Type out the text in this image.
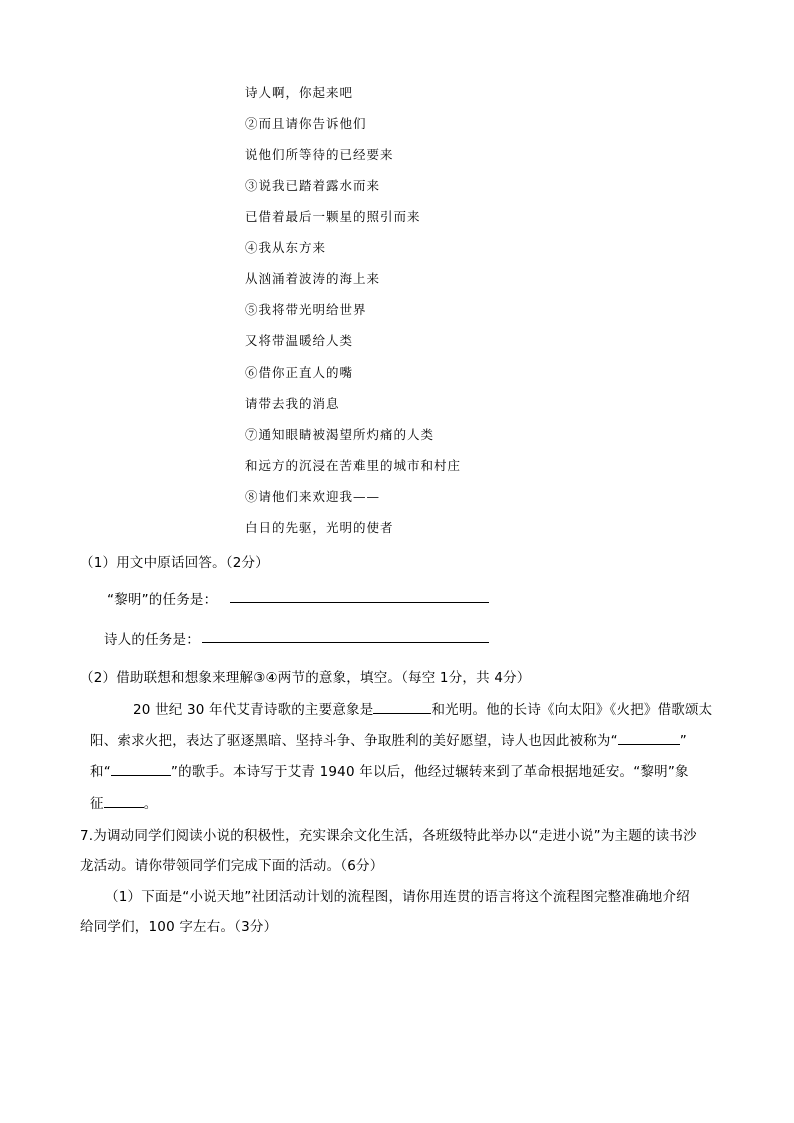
诗人啊，你起来吧
②而且请你告诉他们
说他们所等待的已经要来
③说我已踏着露水而来
已借着最后一颗星的照引而来
④我从东方来
从汹涌着波涛的海上来
⑤我将带光明给世界
又将带温暖给人类
⑥借你正直人的嘴
请带去我的消息
⑦通知眼睛被渴望所灼痛的人类
和远方的沉浸在苦难里的城市和村庄
⑧请他们来欢迎我——
白日的先驱，光明的使者
（1）用文中原话回答。（2分）
“黎明”的任务是：
诗人的任务是：
（2）借助联想和想象来理解③④两节的意象，填空。（每空 1分，共 4分）
20 世纪 30 年代艾青诗歌的主要意象是	和光明。他的长诗《向太阳》《火把》借歌颂太
阳、索求火把，表达了驱逐黑暗、坚持斗争、争取胜利的美好愿望，诗人也因此被称为“	”
和“	”的歌手。本诗写于艾青 1940 年以后，他经过辗转来到了革命根据地延安。“黎明”象
征	。
7.为调动同学们阅读小说的积极性，充实课余文化生活，各班级特此举办以“走进小说”为主题的读书沙
龙活动。请你带领同学们完成下面的活动。（6分）
（1）下面是“小说天地”社团活动计划的流程图，请你用连贯的语言将这个流程图完整准确地介绍
给同学们，100 字左右。（3分）
